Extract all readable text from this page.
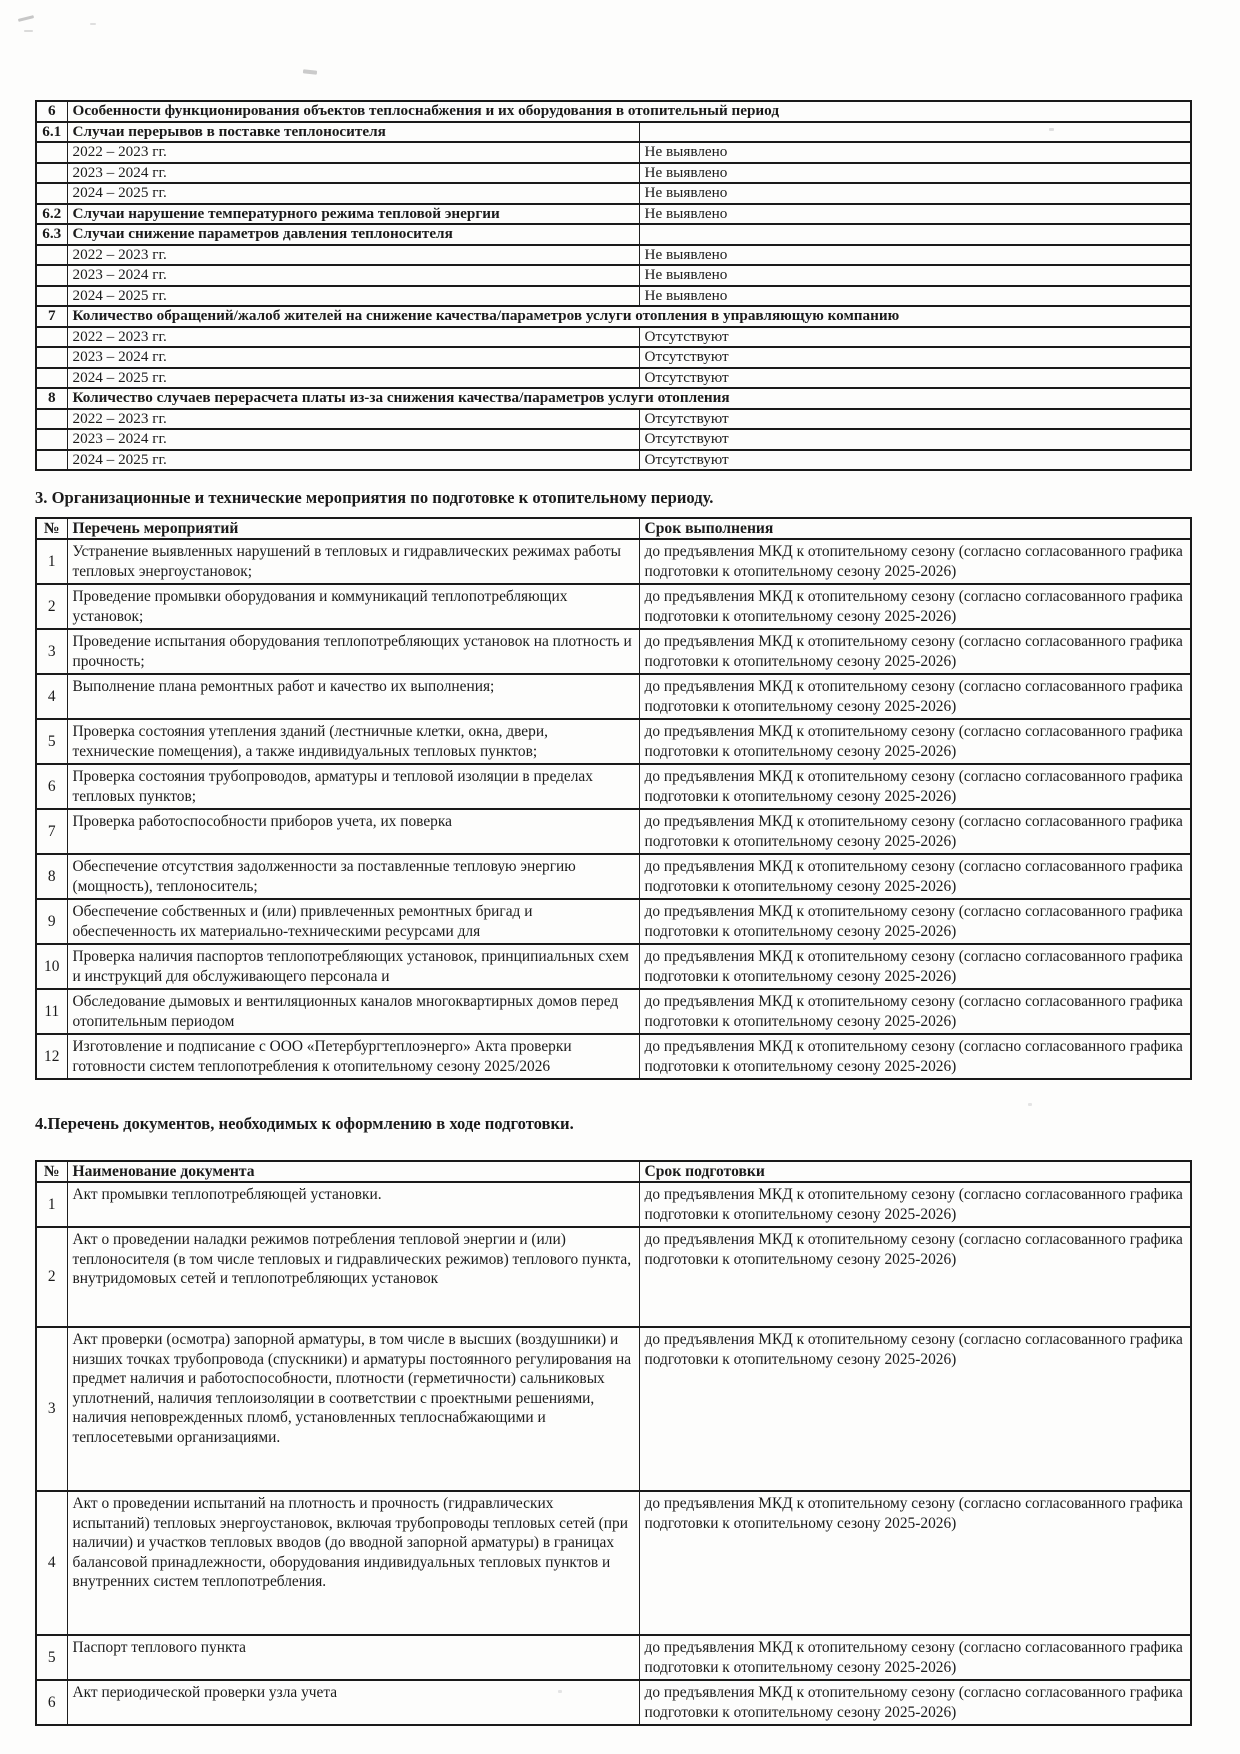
6	Особенности функционирования объектов теплоснабжения и их оборудования в отопительный период	
6.1	Случаи перерывов в поставке теплоносителя	
	2022 – 2023 гг.	Не выявлено
	2023 – 2024 гг.	Не выявлено
	2024 – 2025 гг.	Не выявлено
6.2	Случаи нарушение температурного режима тепловой энергии	Не выявлено
6.3	Случаи снижение параметров давления теплоносителя	
	2022 – 2023 гг.	Не выявлено
	2023 – 2024 гг.	Не выявлено
	2024 – 2025 гг.	Не выявлено
7	Количество обращений/жалоб жителей на снижение качества/параметров услуги отопления в управляющую компанию	
	2022 – 2023 гг.	Отсутствуют
	2023 – 2024 гг.	Отсутствуют
	2024 – 2025 гг.	Отсутствуют
8	Количество случаев перерасчета платы из-за снижения качества/параметров услуги отопления	
	2022 – 2023 гг.	Отсутствуют
	2023 – 2024 гг.	Отсутствуют
	2024 – 2025 гг.	Отсутствуют

3. Организационные и технические мероприятия по подготовке к отопительному периоду.

№	Перечень мероприятий	Срок выполнения
1	Устранение выявленных нарушений в тепловых и гидравлических режимах работы тепловых энергоустановок;	до предъявления МКД к отопительному сезону (согласно согласованного графика подготовки к отопительному сезону 2025-2026)
2	Проведение промывки оборудования и коммуникаций теплопотребляющих установок;	до предъявления МКД к отопительному сезону (согласно согласованного графика подготовки к отопительному сезону 2025-2026)
3	Проведение испытания оборудования теплопотребляющих установок на плотность и прочность;	до предъявления МКД к отопительному сезону (согласно согласованного графика подготовки к отопительному сезону 2025-2026)
4	Выполнение плана ремонтных работ и качество их выполнения;	до предъявления МКД к отопительному сезону (согласно согласованного графика подготовки к отопительному сезону 2025-2026)
5	Проверка состояния утепления зданий (лестничные клетки, окна, двери, технические помещения), а также индивидуальных тепловых пунктов;	до предъявления МКД к отопительному сезону (согласно согласованного графика подготовки к отопительному сезону 2025-2026)
6	Проверка состояния трубопроводов, арматуры и тепловой изоляции в пределах тепловых пунктов;	до предъявления МКД к отопительному сезону (согласно согласованного графика подготовки к отопительному сезону 2025-2026)
7	Проверка работоспособности приборов учета, их поверка	до предъявления МКД к отопительному сезону (согласно согласованного графика подготовки к отопительному сезону 2025-2026)
8	Обеспечение отсутствия задолженности за поставленные тепловую энергию (мощность), теплоноситель;	до предъявления МКД к отопительному сезону (согласно согласованного графика подготовки к отопительному сезону 2025-2026)
9	Обеспечение собственных и (или) привлеченных ремонтных бригад и обеспеченность их материально-техническими ресурсами для	до предъявления МКД к отопительному сезону (согласно согласованного графика подготовки к отопительному сезону 2025-2026)
10	Проверка наличия паспортов теплопотребляющих установок, принципиальных схем и инструкций для обслуживающего персонала и	до предъявления МКД к отопительному сезону (согласно согласованного графика подготовки к отопительному сезону 2025-2026)
11	Обследование дымовых и вентиляционных каналов многоквартирных домов перед отопительным периодом	до предъявления МКД к отопительному сезону (согласно согласованного графика подготовки к отопительному сезону 2025-2026)
12	Изготовление и подписание с ООО «Петербургтеплоэнерго» Акта проверки готовности систем теплопотребления к отопительному сезону 2025/2026	до предъявления МКД к отопительному сезону (согласно согласованного графика подготовки к отопительному сезону 2025-2026)

4.Перечень документов, необходимых к оформлению в ходе подготовки.

№	Наименование документа	Срок подготовки
1	Акт промывки теплопотребляющей установки.	до предъявления МКД к отопительному сезону (согласно согласованного графика подготовки к отопительному сезону 2025-2026)
2	Акт о проведении наладки режимов потребления тепловой энергии и (или) теплоносителя (в том числе тепловых и гидравлических режимов) теплового пункта, внутридомовых сетей и теплопотребляющих установок	до предъявления МКД к отопительному сезону (согласно согласованного графика подготовки к отопительному сезону 2025-2026)
3	Акт проверки (осмотра) запорной арматуры, в том числе в высших (воздушники) и низших точках трубопровода (спускники) и арматуры постоянного регулирования на предмет наличия и работоспособности, плотности (герметичности) сальниковых уплотнений, наличия теплоизоляции в соответствии с проектными решениями, наличия неповрежденных пломб, установленных теплоснабжающими и теплосетевыми организациями.	до предъявления МКД к отопительному сезону (согласно согласованного графика подготовки к отопительному сезону 2025-2026)
4	Акт о проведении испытаний на плотность и прочность (гидравлических испытаний) тепловых энергоустановок, включая трубопроводы тепловых сетей (при наличии) и участков тепловых вводов (до вводной запорной арматуры) в границах балансовой принадлежности, оборудования индивидуальных тепловых пунктов и внутренних систем теплопотребления.	до предъявления МКД к отопительному сезону (согласно согласованного графика подготовки к отопительному сезону 2025-2026)
5	Паспорт теплового пункта	до предъявления МКД к отопительному сезону (согласно согласованного графика подготовки к отопительному сезону 2025-2026)
6	Акт периодической проверки узла учета	до предъявления МКД к отопительному сезону (согласно согласованного графика подготовки к отопительному сезону 2025-2026)
